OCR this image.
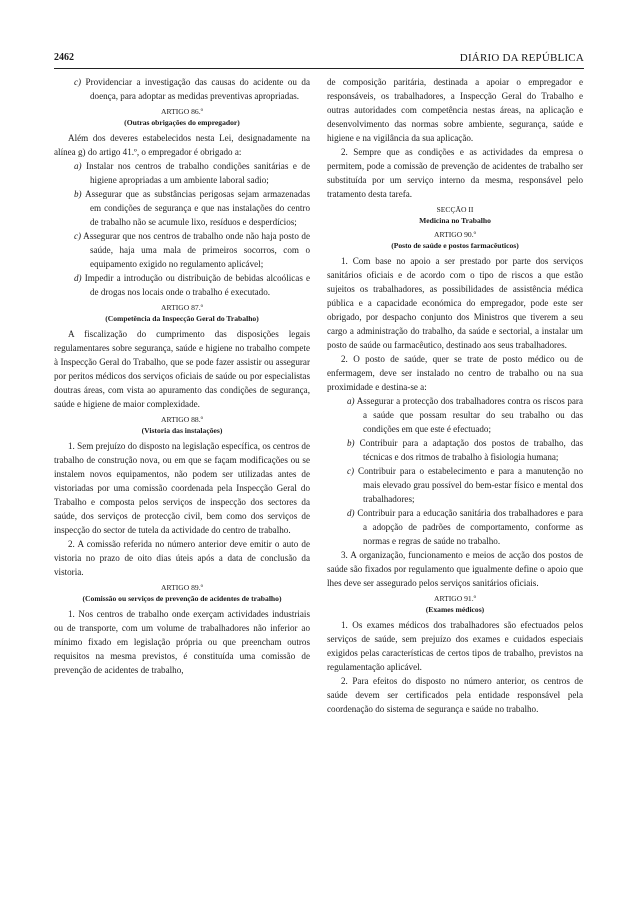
2462	DIÁRIO DA REPÚBLICA

c) Providenciar a investigação das causas do acidente ou da doença, para adoptar as medidas preventivas apropriadas.

ARTIGO 86.º
(Outras obrigações do empregador)

Além dos deveres estabelecidos nesta Lei, designadamente na alínea g) do artigo 41.º, o empregador é obrigado a:

a) Instalar nos centros de trabalho condições sanitárias e de higiene apropriadas a um ambiente laboral sadio;

b) Assegurar que as substâncias perigosas sejam armazenadas em condições de segurança e que nas instalações do centro de trabalho não se acumule lixo, resíduos e desperdícios;

c) Assegurar que nos centros de trabalho onde não haja posto de saúde, haja uma mala de primeiros socorros, com o equipamento exigido no regulamento aplicável;

d) Impedir a introdução ou distribuição de bebidas alcoólicas e de drogas nos locais onde o trabalho é executado.

ARTIGO 87.º
(Competência da Inspecção Geral do Trabalho)

A fiscalização do cumprimento das disposições legais regulamentares sobre segurança, saúde e higiene no trabalho compete à Inspecção Geral do Trabalho, que se pode fazer assistir ou assegurar por peritos médicos dos serviços oficiais de saúde ou por especialistas doutras áreas, com vista ao apuramento das condições de segurança, saúde e higiene de maior complexidade.

ARTIGO 88.º
(Vistoria das instalações)

1. Sem prejuízo do disposto na legislação específica, os centros de trabalho de construção nova, ou em que se façam modificações ou se instalem novos equipamentos, não podem ser utilizadas antes de vistoriadas por uma comissão coordenada pela Inspecção Geral do Trabalho e composta pelos serviços de inspecção dos sectores da saúde, dos serviços de protecção civil, bem como dos serviços de inspecção do sector de tutela da actividade do centro de trabalho.

2. A comissão referida no número anterior deve emitir o auto de vistoria no prazo de oito dias úteis após a data de conclusão da vistoria.

ARTIGO 89.º
(Comissão ou serviços de prevenção de acidentes de trabalho)

1. Nos centros de trabalho onde exerçam actividades industriais ou de transporte, com um volume de trabalhadores não inferior ao mínimo fixado em legislação própria ou que preencham outros requisitos na mesma previstos, é constituída uma comissão de prevenção de acidentes de trabalho,

de composição paritária, destinada a apoiar o empregador e responsáveis, os trabalhadores, a Inspecção Geral do Trabalho e outras autoridades com competência nestas áreas, na aplicação e desenvolvimento das normas sobre ambiente, segurança, saúde e higiene e na vigilância da sua aplicação.

2. Sempre que as condições e as actividades da empresa o permitem, pode a comissão de prevenção de acidentes de trabalho ser substituída por um serviço interno da mesma, responsável pelo tratamento desta tarefa.

SECÇÃO II
Medicina no Trabalho
ARTIGO 90.º
(Posto de saúde e postos farmacêuticos)

1. Com base no apoio a ser prestado por parte dos serviços sanitários oficiais e de acordo com o tipo de riscos a que estão sujeitos os trabalhadores, as possibilidades de assistência médica pública e a capacidade económica do empregador, pode este ser obrigado, por despacho conjunto dos Ministros que tiverem a seu cargo a administração do trabalho, da saúde e sectorial, a instalar um posto de saúde ou farmacêutico, destinado aos seus trabalhadores.

2. O posto de saúde, quer se trate de posto médico ou de enfermagem, deve ser instalado no centro de trabalho ou na sua proximidade e destina-se a:

a) Assegurar a protecção dos trabalhadores contra os riscos para a saúde que possam resultar do seu trabalho ou das condições em que este é efectuado;

b) Contribuir para a adaptação dos postos de trabalho, das técnicas e dos ritmos de trabalho à fisiologia humana;

c) Contribuir para o estabelecimento e para a manutenção no mais elevado grau possível do bem-estar físico e mental dos trabalhadores;

d) Contribuir para a educação sanitária dos trabalhadores e para a adopção de padrões de comportamento, conforme as normas e regras de saúde no trabalho.

3. A organização, funcionamento e meios de acção dos postos de saúde são fixados por regulamento que igualmente define o apoio que lhes deve ser assegurado pelos serviços sanitários oficiais.

ARTIGO 91.º
(Exames médicos)

1. Os exames médicos dos trabalhadores são efectuados pelos serviços de saúde, sem prejuízo dos exames e cuidados especiais exigidos pelas características de certos tipos de trabalho, previstos na regulamentação aplicável.

2. Para efeitos do disposto no número anterior, os centros de saúde devem ser certificados pela entidade responsável pela coordenação do sistema de segurança e saúde no trabalho.
